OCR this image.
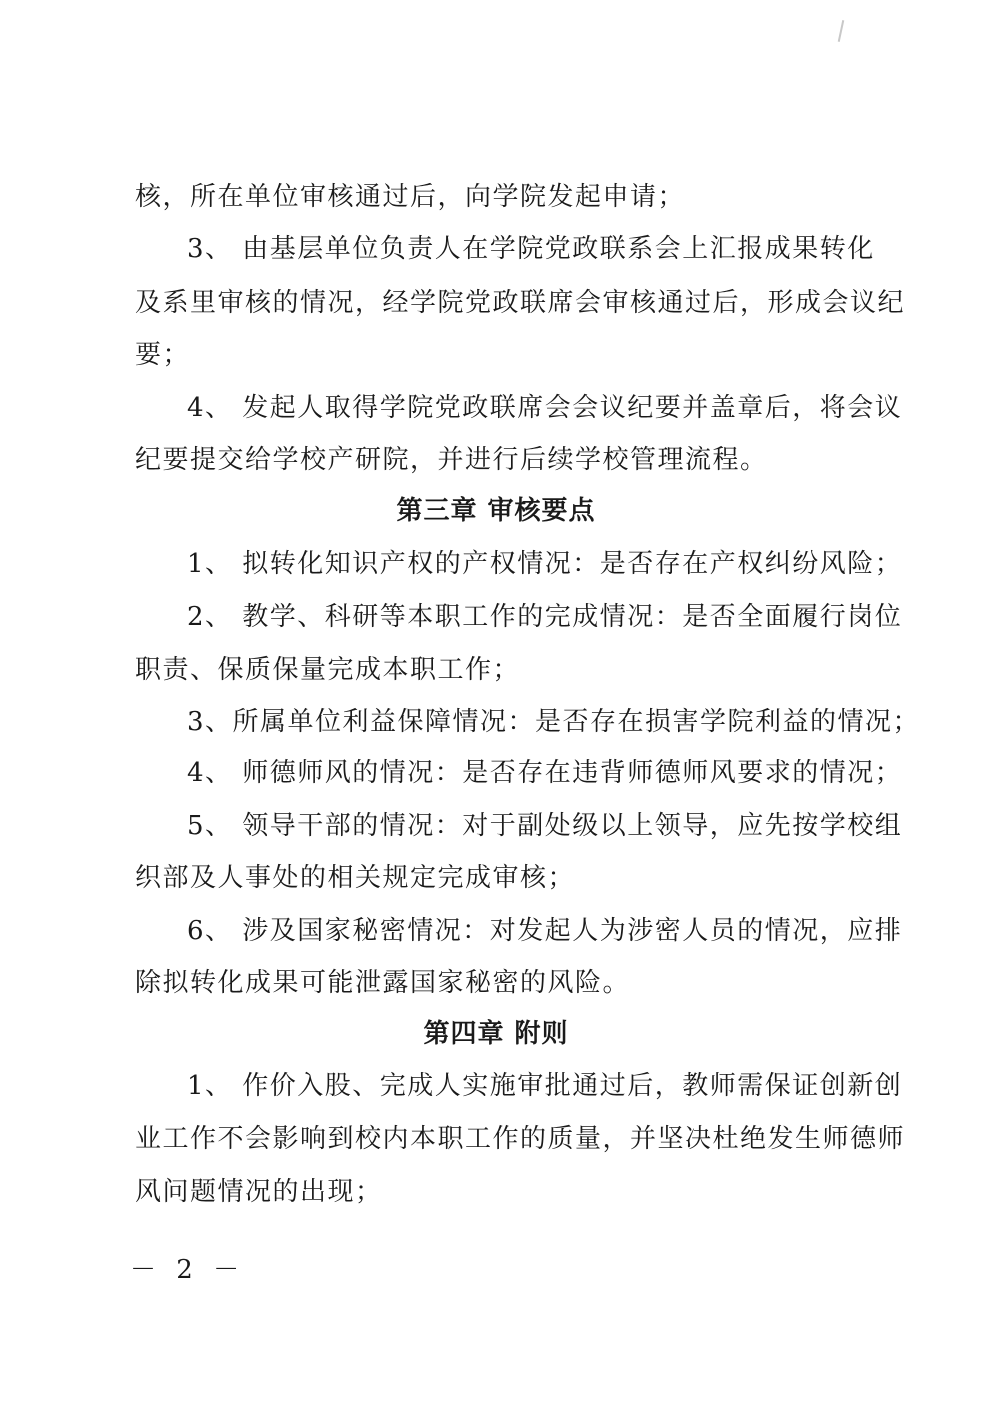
核，所在单位审核通过后，向学院发起申请；
3、 由基层单位负责人在学院党政联系会上汇报成果转化
及系里审核的情况，经学院党政联席会审核通过后，形成会议纪
要；
4、 发起人取得学院党政联席会会议纪要并盖章后，将会议
纪要提交给学校产研院，并进行后续学校管理流程。
第三章 审核要点
1、 拟转化知识产权的产权情况：是否存在产权纠纷风险；
2、 教学、科研等本职工作的完成情况：是否全面履行岗位
职责、保质保量完成本职工作；
3、所属单位利益保障情况：是否存在损害学院利益的情况；
4、 师德师风的情况：是否存在违背师德师风要求的情况；
5、 领导干部的情况：对于副处级以上领导，应先按学校组
织部及人事处的相关规定完成审核；
6、 涉及国家秘密情况：对发起人为涉密人员的情况，应排
除拟转化成果可能泄露国家秘密的风险。
第四章 附则
1、 作价入股、完成人实施审批通过后，教师需保证创新创
业工作不会影响到校内本职工作的质量，并坚决杜绝发生师德师
风问题情况的出现；
－ 2 －
